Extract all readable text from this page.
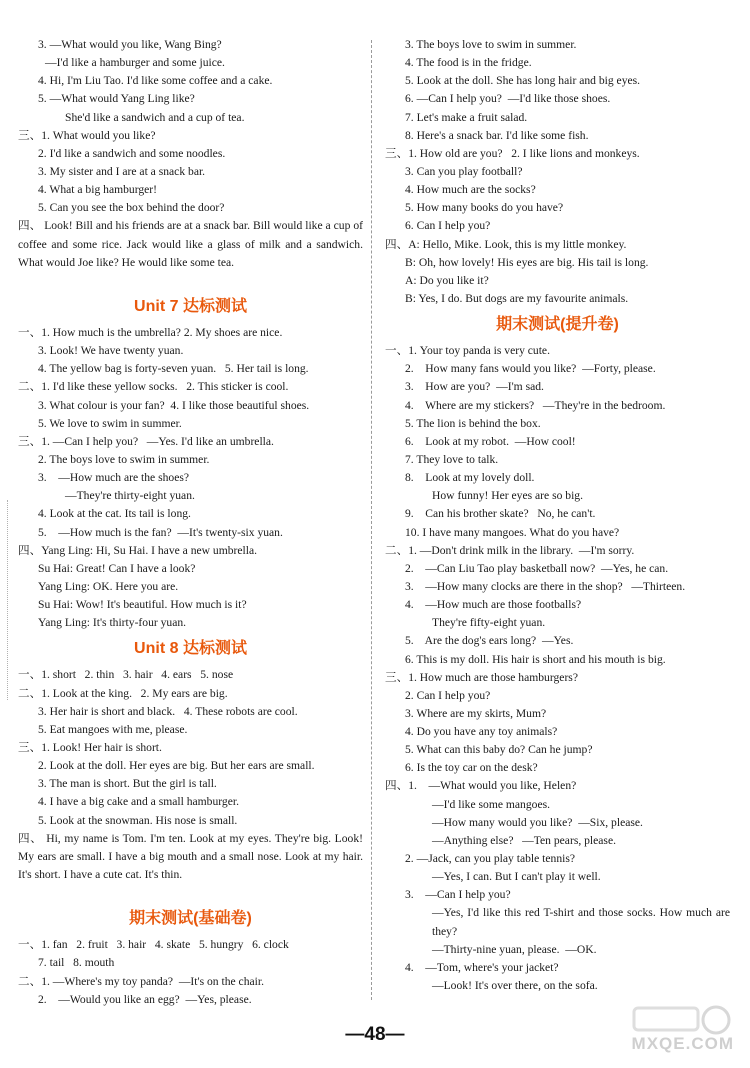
3. —What would you like, Wang Bing?
—I'd like a hamburger and some juice.
4. Hi, I'm Liu Tao. I'd like some coffee and a cake.
5. —What would Yang Ling like?
She'd like a sandwich and a cup of tea.
三、1. What would you like?
2. I'd like a sandwich and some noodles.
3. My sister and I are at a snack bar.
4. What a big hamburger!
5. Can you see the box behind the door?
四、 Look! Bill and his friends are at a snack bar. Bill would like a cup of coffee and some rice. Jack would like a glass of milk and a sandwich. What would Joe like? He would like some tea.
Unit 7 达标测试
一、1. How much is the umbrella? 2. My shoes are nice.
3. Look! We have twenty yuan.
4. The yellow bag is forty-seven yuan.   5. Her tail is long.
二、1. I'd like these yellow socks.   2. This sticker is cool.
3. What colour is your fan?  4. I like those beautiful shoes.
5. We love to swim in summer.
三、1. —Can I help you?   —Yes. I'd like an umbrella.
2. The boys love to swim in summer.
3.    —How much are the shoes?
—They're thirty-eight yuan.
4. Look at the cat. Its tail is long.
5.    —How much is the fan?  —It's twenty-six yuan.
四、Yang Ling: Hi, Su Hai. I have a new umbrella.
Su Hai: Great! Can I have a look?
Yang Ling: OK. Here you are.
Su Hai: Wow! It's beautiful. How much is it?
Yang Ling: It's thirty-four yuan.
Unit 8 达标测试
一、1. short   2. thin   3. hair   4. ears   5. nose
二、1. Look at the king.   2. My ears are big.
3. Her hair is short and black.   4. These robots are cool.
5. Eat mangoes with me, please.
三、1. Look! Her hair is short.
2. Look at the doll. Her eyes are big. But her ears are small.
3. The man is short. But the girl is tall.
4. I have a big cake and a small hamburger.
5. Look at the snowman. His nose is small.
四、 Hi, my name is Tom. I'm ten. Look at my eyes. They're big. Look! My ears are small. I have a big mouth and a small nose. Look at my hair. It's short. I have a cute cat. It's thin.
期末测试(基础卷)
一、1. fan   2. fruit   3. hair   4. skate   5. hungry   6. clock
7. tail   8. mouth
二、1. —Where's my toy panda?  —It's on the chair.
2.    —Would you like an egg?  —Yes, please.
3. The boys love to swim in summer.
4. The food is in the fridge.
5. Look at the doll. She has long hair and big eyes.
6. —Can I help you?  —I'd like those shoes.
7. Let's make a fruit salad.
8. Here's a snack bar. I'd like some fish.
三、1. How old are you?   2. I like lions and monkeys.
3. Can you play football?
4. How much are the socks?
5. How many books do you have?
6. Can I help you?
四、A: Hello, Mike. Look, this is my little monkey.
B: Oh, how lovely! His eyes are big. His tail is long.
A: Do you like it?
B: Yes, I do. But dogs are my favourite animals.
期末测试(提升卷)
一、1. Your toy panda is very cute.
2.    How many fans would you like?  —Forty, please.
3.    How are you?  —I'm sad.
4.    Where are my stickers?   —They're in the bedroom.
5. The lion is behind the box.
6.    Look at my robot.  —How cool!
7. They love to talk.
8.    Look at my lovely doll.
How funny! Her eyes are so big.
9.    Can his brother skate?   No, he can't.
10. I have many mangoes. What do you have?
二、1. —Don't drink milk in the library.  —I'm sorry.
2.    —Can Liu Tao play basketball now?  —Yes, he can.
3.    —How many clocks are there in the shop?   —Thirteen.
4.    —How much are those footballs?
They're fifty-eight yuan.
5.    Are the dog's ears long?  —Yes.
6. This is my doll. His hair is short and his mouth is big.
三、1. How much are those hamburgers?
2. Can I help you?
3. Where are my skirts, Mum?
4. Do you have any toy animals?
5. What can this baby do? Can he jump?
6. Is the toy car on the desk?
四、1.    —What would you like, Helen?
—I'd like some mangoes.
—How many would you like?  —Six, please.
—Anything else?   —Ten pears, please.
2. —Jack, can you play table tennis?
—Yes, I can. But I can't play it well.
3.    —Can I help you?
—Yes, I'd like this red T-shirt and those socks. How much are they?
—Thirty-nine yuan, please.  —OK.
4.    —Tom, where's your jacket?
—Look! It's over there, on the sofa.
—48—	MXQE.COM
